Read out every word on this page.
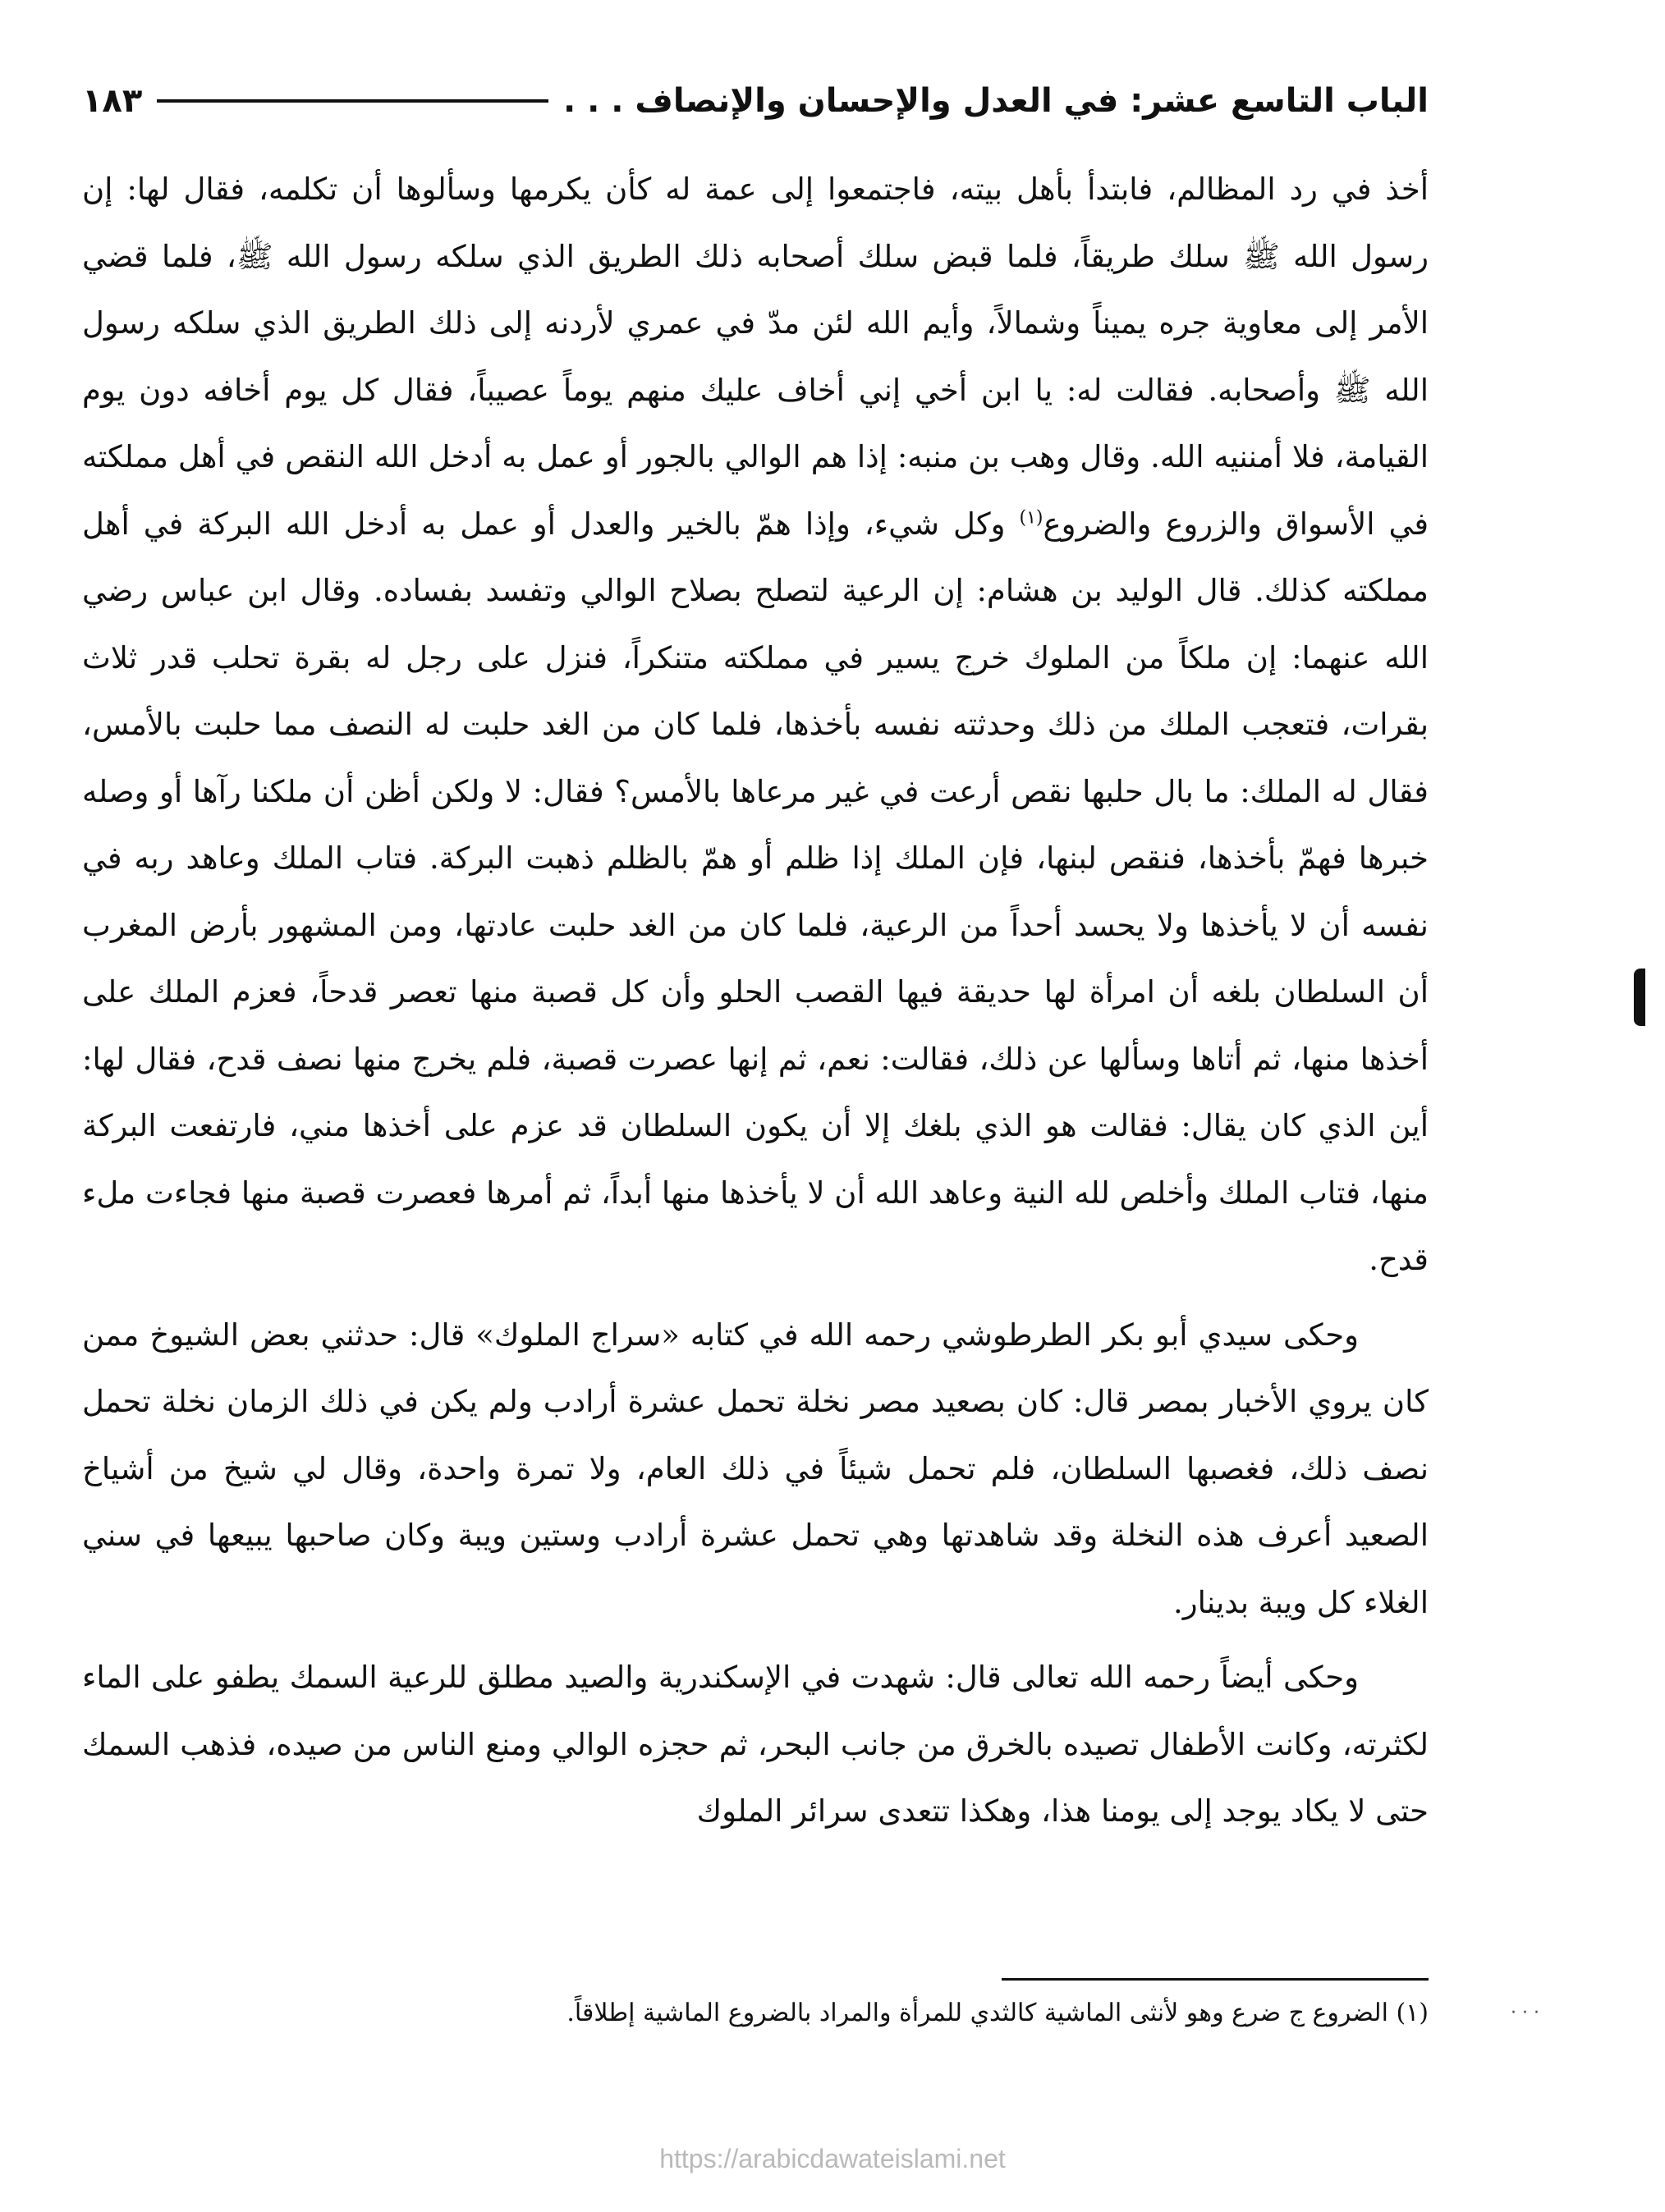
الباب التاسع عشر: في العدل والإحسان والإنصاف . . .
١٨٣

أخذ في رد المظالم، فابتدأ بأهل بيته، فاجتمعوا إلى عمة له كأن يكرمها وسألوها أن تكلمه، فقال لها: إن رسول الله ﷺ سلك طريقاً، فلما قبض سلك أصحابه ذلك الطريق الذي سلكه رسول الله ﷺ، فلما قضي الأمر إلى معاوية جره يميناً وشمالاً، وأيم الله لئن مدّ في عمري لأردنه إلى ذلك الطريق الذي سلكه رسول الله ﷺ وأصحابه. فقالت له: يا ابن أخي إني أخاف عليك منهم يوماً عصيباً، فقال كل يوم أخافه دون يوم القيامة، فلا أمننيه الله. وقال وهب بن منبه: إذا هم الوالي بالجور أو عمل به أدخل الله النقص في أهل مملكته في الأسواق والزروع والضروع$^{(١)}$ وكل شيء، وإذا همّ بالخير والعدل أو عمل به أدخل الله البركة في أهل مملكته كذلك. قال الوليد بن هشام: إن الرعية لتصلح بصلاح الوالي وتفسد بفساده. وقال ابن عباس رضي الله عنهما: إن ملكاً من الملوك خرج يسير في مملكته متنكراً، فنزل على رجل له بقرة تحلب قدر ثلاث بقرات، فتعجب الملك من ذلك وحدثته نفسه بأخذها، فلما كان من الغد حلبت له النصف مما حلبت بالأمس، فقال له الملك: ما بال حلبها نقص أرعت في غير مرعاها بالأمس؟ فقال: لا ولكن أظن أن ملكنا رآها أو وصله خبرها فهمّ بأخذها، فنقص لبنها، فإن الملك إذا ظلم أو همّ بالظلم ذهبت البركة. فتاب الملك وعاهد ربه في نفسه أن لا يأخذها ولا يحسد أحداً من الرعية، فلما كان من الغد حلبت عادتها، ومن المشهور بأرض المغرب أن السلطان بلغه أن امرأة لها حديقة فيها القصب الحلو وأن كل قصبة منها تعصر قدحاً، فعزم الملك على أخذها منها، ثم أتاها وسألها عن ذلك، فقالت: نعم، ثم إنها عصرت قصبة، فلم يخرج منها نصف قدح، فقال لها: أين الذي كان يقال: فقالت هو الذي بلغك إلا أن يكون السلطان قد عزم على أخذها مني، فارتفعت البركة منها، فتاب الملك وأخلص لله النية وعاهد الله أن لا يأخذها منها أبداً، ثم أمرها فعصرت قصبة منها فجاءت ملء قدح.

وحكى سيدي أبو بكر الطرطوشي رحمه الله في كتابه «سراج الملوك» قال: حدثني بعض الشيوخ ممن كان يروي الأخبار بمصر قال: كان بصعيد مصر نخلة تحمل عشرة أرادب ولم يكن في ذلك الزمان نخلة تحمل نصف ذلك، فغصبها السلطان، فلم تحمل شيئاً في ذلك العام، ولا تمرة واحدة، وقال لي شيخ من أشياخ الصعيد أعرف هذه النخلة وقد شاهدتها وهي تحمل عشرة أرادب وستين ويبة وكان صاحبها يبيعها في سني الغلاء كل ويبة بدينار.

وحكى أيضاً رحمه الله تعالى قال: شهدت في الإسكندرية والصيد مطلق للرعية السمك يطفو على الماء لكثرته، وكانت الأطفال تصيده بالخرق من جانب البحر، ثم حجزه الوالي ومنع الناس من صيده، فذهب السمك حتى لا يكاد يوجد إلى يومنا هذا، وهكذا تتعدى سرائر الملوك

(١) الضروع ج ضرع وهو لأنثى الماشية كالثدي للمرأة والمراد بالضروع الماشية إطلاقاً.	· · ·
https://arabicdawateislami.net
